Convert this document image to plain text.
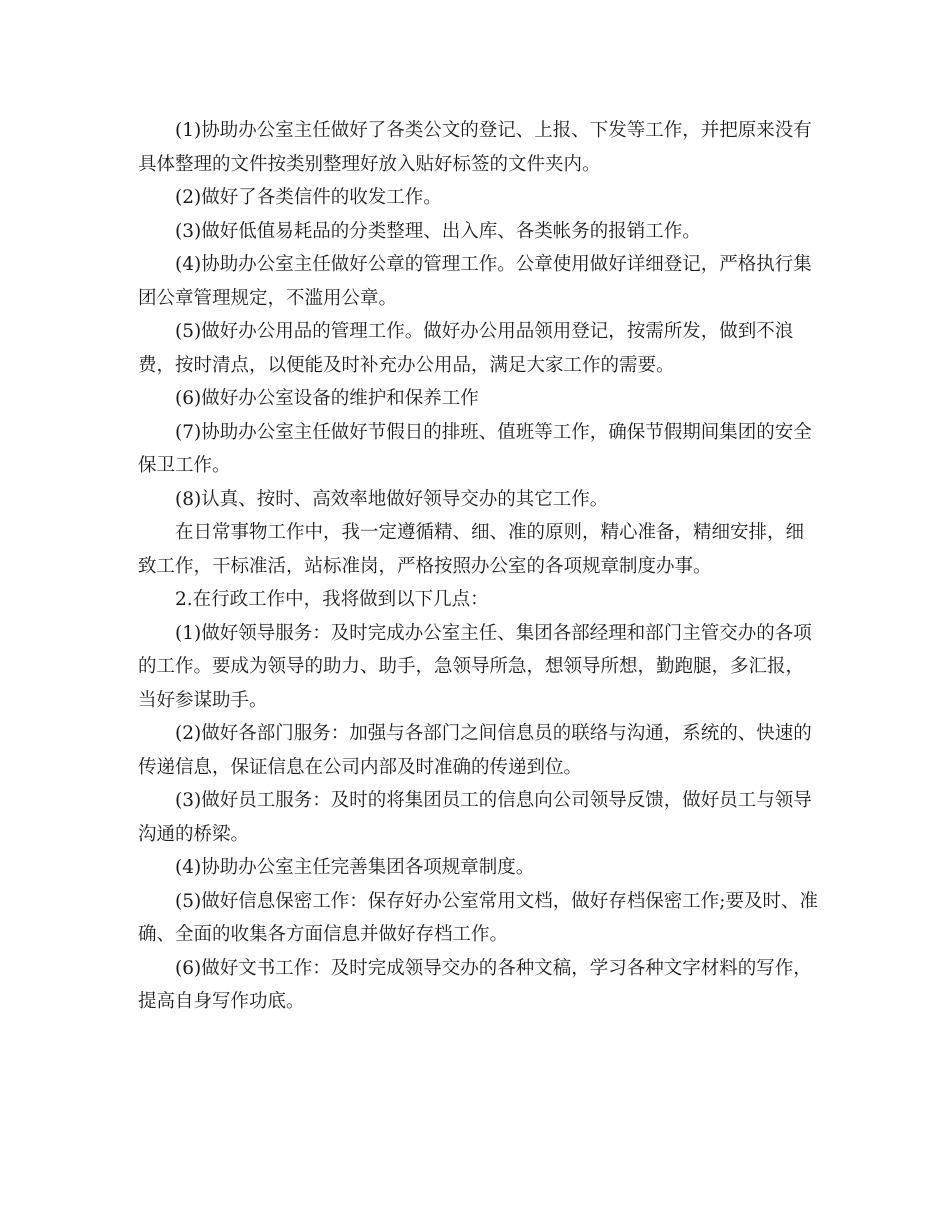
(1)协助办公室主任做好了各类公文的登记、上报、下发等工作，并把原来没有具体整理的文件按类别整理好放入贴好标签的文件夹内。

(2)做好了各类信件的收发工作。

(3)做好低值易耗品的分类整理、出入库、各类帐务的报销工作。

(4)协助办公室主任做好公章的管理工作。公章使用做好详细登记，严格执行集团公章管理规定，不滥用公章。

(5)做好办公用品的管理工作。做好办公用品领用登记，按需所发，做到不浪费，按时清点，以便能及时补充办公用品，满足大家工作的需要。

(6)做好办公室设备的维护和保养工作

(7)协助办公室主任做好节假日的排班、值班等工作，确保节假期间集团的安全保卫工作。

(8)认真、按时、高效率地做好领导交办的其它工作。

在日常事物工作中，我一定遵循精、细、准的原则，精心准备，精细安排，细致工作，干标准活，站标准岗，严格按照办公室的各项规章制度办事。

2.在行政工作中，我将做到以下几点：

(1)做好领导服务：及时完成办公室主任、集团各部经理和部门主管交办的各项的工作。要成为领导的助力、助手，急领导所急，想领导所想，勤跑腿，多汇报，当好参谋助手。

(2)做好各部门服务：加强与各部门之间信息员的联络与沟通，系统的、快速的传递信息，保证信息在公司内部及时准确的传递到位。

(3)做好员工服务：及时的将集团员工的信息向公司领导反馈，做好员工与领导沟通的桥梁。

(4)协助办公室主任完善集团各项规章制度。

(5)做好信息保密工作：保存好办公室常用文档，做好存档保密工作;要及时、准确、全面的收集各方面信息并做好存档工作。

(6)做好文书工作：及时完成领导交办的各种文稿，学习各种文字材料的写作，提高自身写作功底。
